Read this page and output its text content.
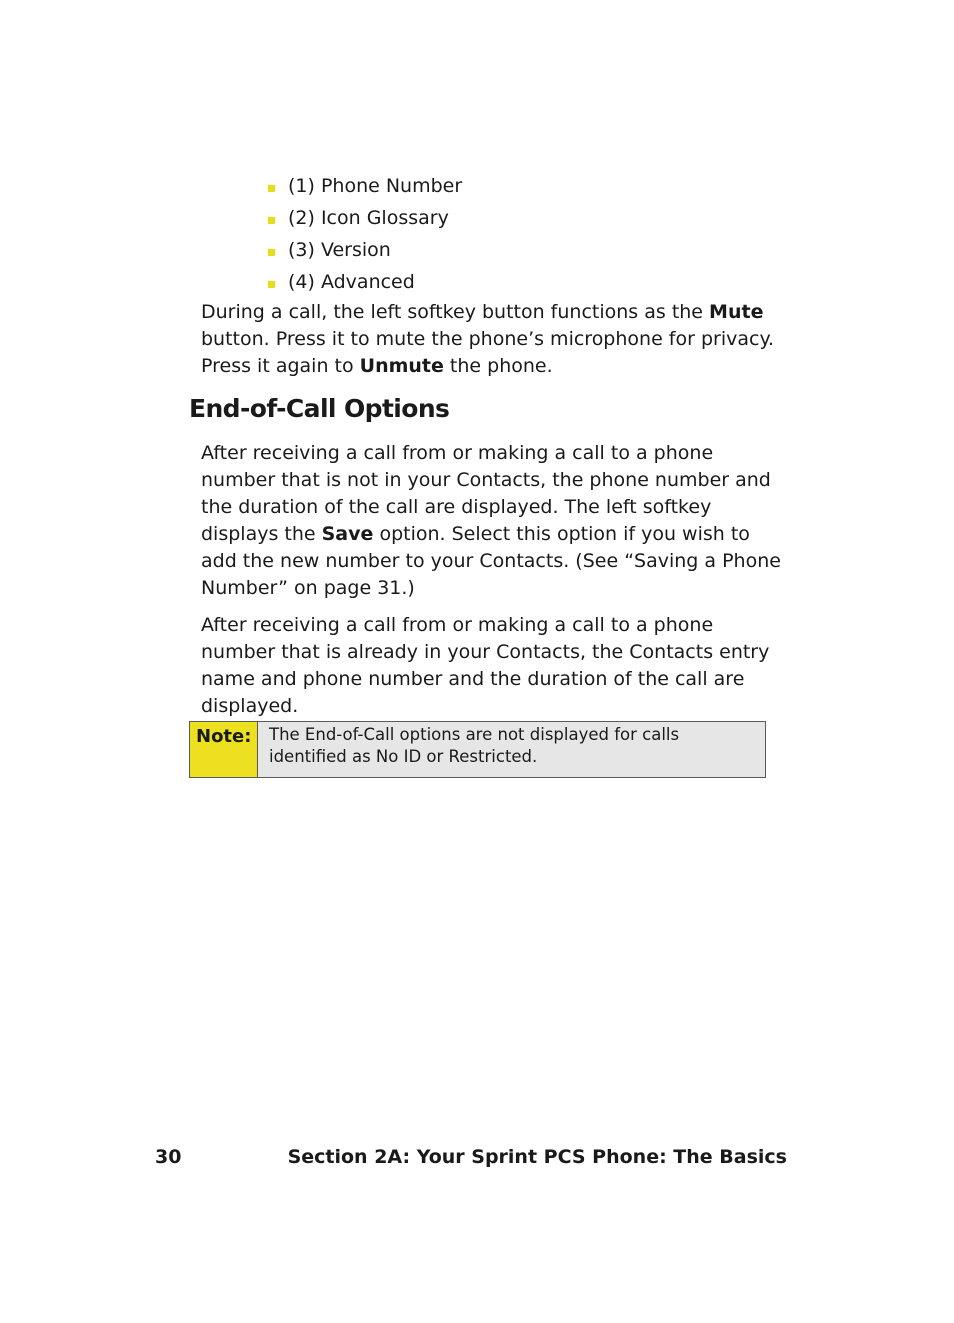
(1) Phone Number
(2) Icon Glossary
(3) Version
(4) Advanced

During a call, the left softkey button functions as the Mute button. Press it to mute the phone’s microphone for privacy. Press it again to Unmute the phone.

End-of-Call Options

After receiving a call from or making a call to a phone number that is not in your Contacts, the phone number and the duration of the call are displayed. The left softkey displays the Save option. Select this option if you wish to add the new number to your Contacts. (See “Saving a Phone Number” on page 31.)

After receiving a call from or making a call to a phone number that is already in your Contacts, the Contacts entry name and phone number and the duration of the call are displayed.

Note:	The End-of-Call options are not displayed for calls identified as No ID or Restricted.
30	Section 2A: Your Sprint PCS Phone: The Basics
